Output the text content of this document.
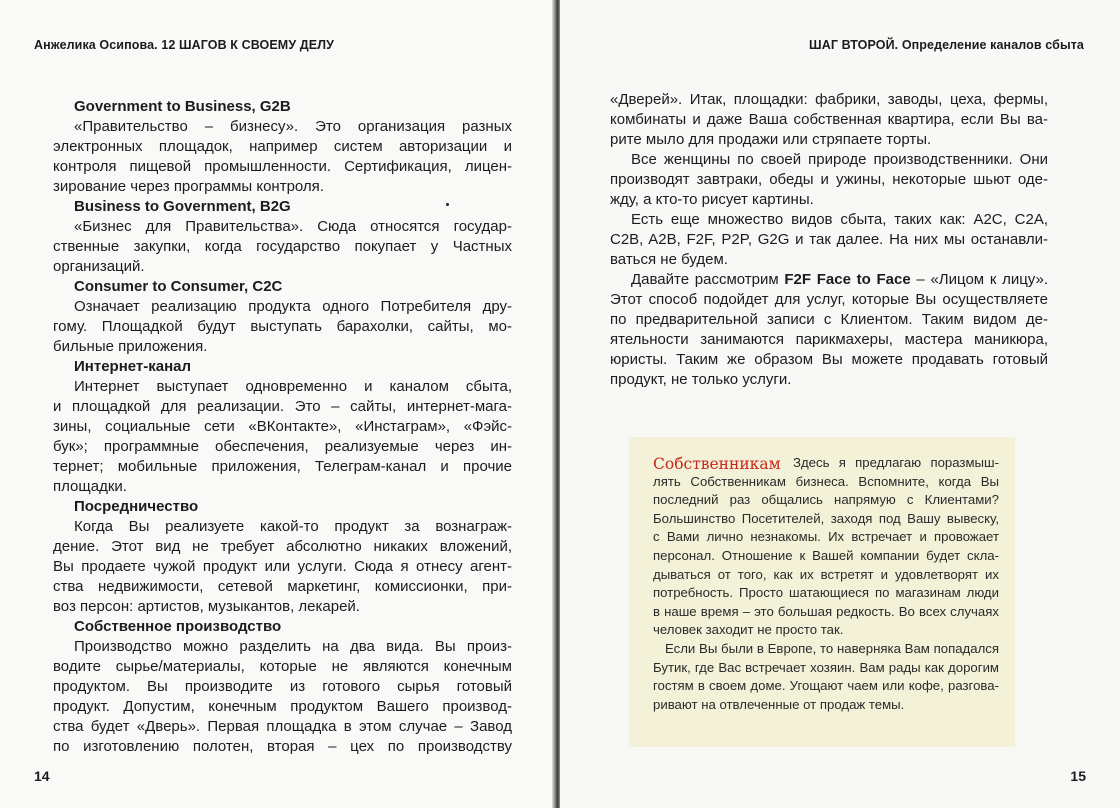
Анжелика Осипова. 12 ШАГОВ К СВОЕМУ ДЕЛУ
Government to Business, G2B
«Правительство – бизнесу». Это организация разных
электронных площадок, например систем авторизации и
контроля пищевой промышленности. Сертификация, лицен-
зирование через программы контроля.
Business to Government, B2G
«Бизнес для Правительства». Сюда относятся государ-
ственные закупки, когда государство покупает у Частных
организаций.
Consumer to Consumer, C2C
Означает реализацию продукта одного Потребителя дру-
гому. Площадкой будут выступать барахолки, сайты, мо-
бильные приложения.
Интернет-канал
Интернет выступает одновременно и каналом сбыта,
и площадкой для реализации. Это – сайты, интернет-мага-
зины, социальные сети «ВКонтакте», «Инстаграм», «Фэйс-
бук»; программные обеспечения, реализуемые через ин-
тернет; мобильные приложения, Телеграм-канал и прочие
площадки.
Посредничество
Когда Вы реализуете какой-то продукт за вознаграж-
дение. Этот вид не требует абсолютно никаких вложений,
Вы продаете чужой продукт или услуги. Сюда я отнесу агент-
ства недвижимости, сетевой маркетинг, комиссионки, при-
воз персон: артистов, музыкантов, лекарей.
Собственное производство
Производство можно разделить на два вида. Вы произ-
водите сырье/материалы, которые не являются конечным
продуктом. Вы производите из готового сырья готовый
продукт. Допустим, конечным продуктом Вашего производ-
ства будет «Дверь». Первая площадка в этом случае – Завод
по изготовлению полотен, вторая – цех по производству
14
ШАГ ВТОРОЙ. Определение каналов сбыта
«Дверей». Итак, площадки: фабрики, заводы, цеха, фермы,
комбинаты и даже Ваша собственная квартира, если Вы ва-
рите мыло для продажи или стряпаете торты.
Все женщины по своей природе производственники. Они
производят завтраки, обеды и ужины, некоторые шьют оде-
жду, а кто-то рисует картины.
Есть еще множество видов сбыта, таких как: A2C, C2A,
C2B, A2B, F2F, P2P, G2G и так далее. На них мы останавли-
ваться не будем.
Давайте рассмотрим F2F Face to Face – «Лицом к лицу».
Этот способ подойдет для услуг, которые Вы осуществляете
по предварительной записи с Клиентом. Таким видом де-
ятельности занимаются парикмахеры, мастера маникюра,
юристы. Таким же образом Вы можете продавать готовый
продукт, не только услуги.
Собственникам Здесь я предлагаю поразмыш-
лять Собственникам бизнеса. Вспомните, когда Вы
последний раз общались напрямую с Клиентами?
Большинство Посетителей, заходя под Вашу вывеску,
с Вами лично незнакомы. Их встречает и провожает
персонал. Отношение к Вашей компании будет скла-
дываться от того, как их встретят и удовлетворят их
потребность. Просто шатающиеся по магазинам люди
в наше время – это большая редкость. Во всех случаях
человек заходит не просто так.
Если Вы были в Европе, то наверняка Вам попадался
Бутик, где Вас встречает хозяин. Вам рады как дорогим
гостям в своем доме. Угощают чаем или кофе, разгова-
ривают на отвлеченные от продаж темы.
15
